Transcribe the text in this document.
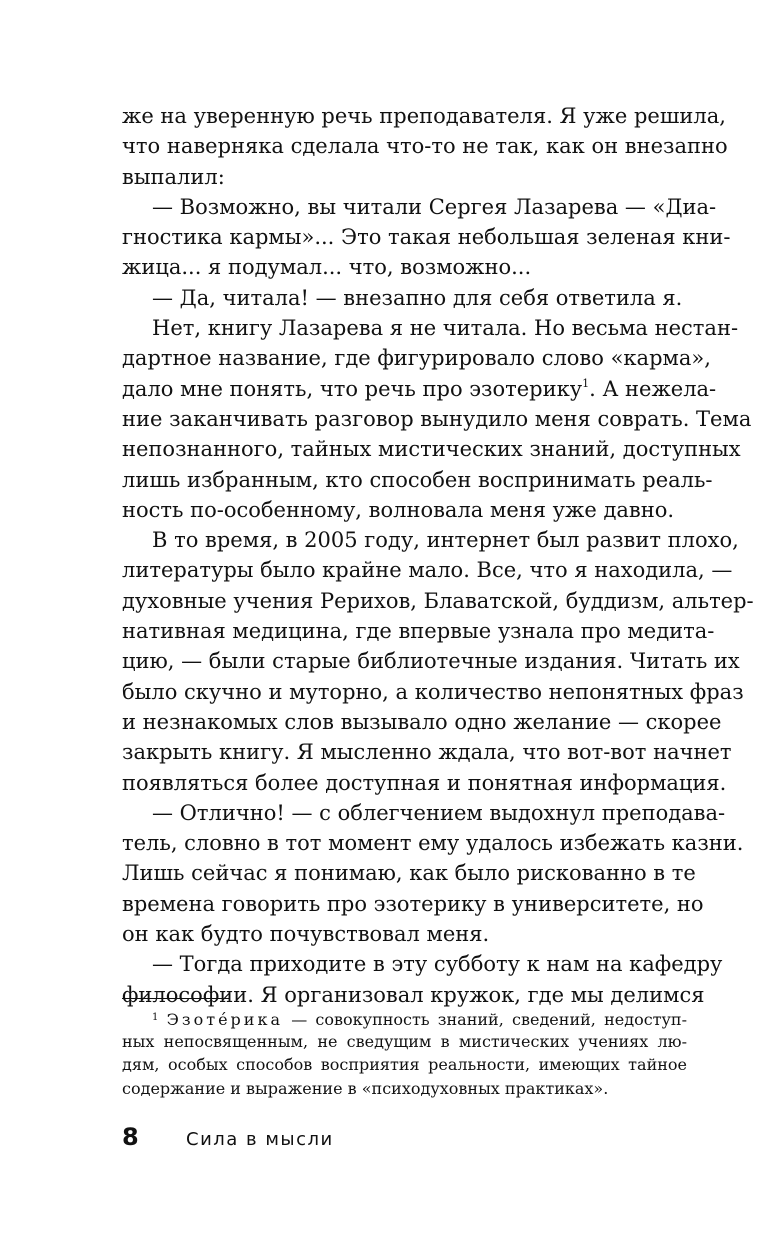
же на уверенную речь преподавателя. Я уже решила,
что наверняка сделала что-то не так, как он внезапно
выпалил:
— Возможно, вы читали Сергея Лазарева — «Диа-
гностика кармы»... Это такая небольшая зеленая кни-
жица... я подумал... что, возможно...
— Да, читала! — внезапно для себя ответила я.
Нет, книгу Лазарева я не читала. Но весьма нестан-
дартное название, где фигурировало слово «карма»,
дало мне понять, что речь про эзотерику$^1$. А нежела-
ние заканчивать разговор вынудило меня соврать. Тема
непознанного, тайных мистических знаний, доступных
лишь избранным, кто способен воспринимать реаль-
ность по-особенному, волновала меня уже давно.
В то время, в 2005 году, интернет был развит плохо,
литературы было крайне мало. Все, что я находила, —
духовные учения Рерихов, Блаватской, буддизм, альтер-
нативная медицина, где впервые узнала про медита-
цию, — были старые библиотечные издания. Читать их
было скучно и муторно, а количество непонятных фраз
и незнакомых слов вызывало одно желание — скорее
закрыть книгу. Я мысленно ждала, что вот-вот начнет
появляться более доступная и понятная информация.
— Отлично! — с облегчением выдохнул преподава-
тель, словно в тот момент ему удалось избежать казни.
Лишь сейчас я понимаю, как было рискованно в те
времена говорить про эзотерику в университете, но
он как будто почувствовал меня.
— Тогда приходите в эту субботу к нам на кафедру
философии. Я организовал кружок, где мы делимся
$^1$ Эзотéрика — совокупность знаний, сведений, недоступ-
ных непосвященным, не сведущим в мистических учениях лю-
дям, особых способов восприятия реальности, имеющих тайное
содержание и выражение в «психодуховных практиках».
8	Сила в мысли
